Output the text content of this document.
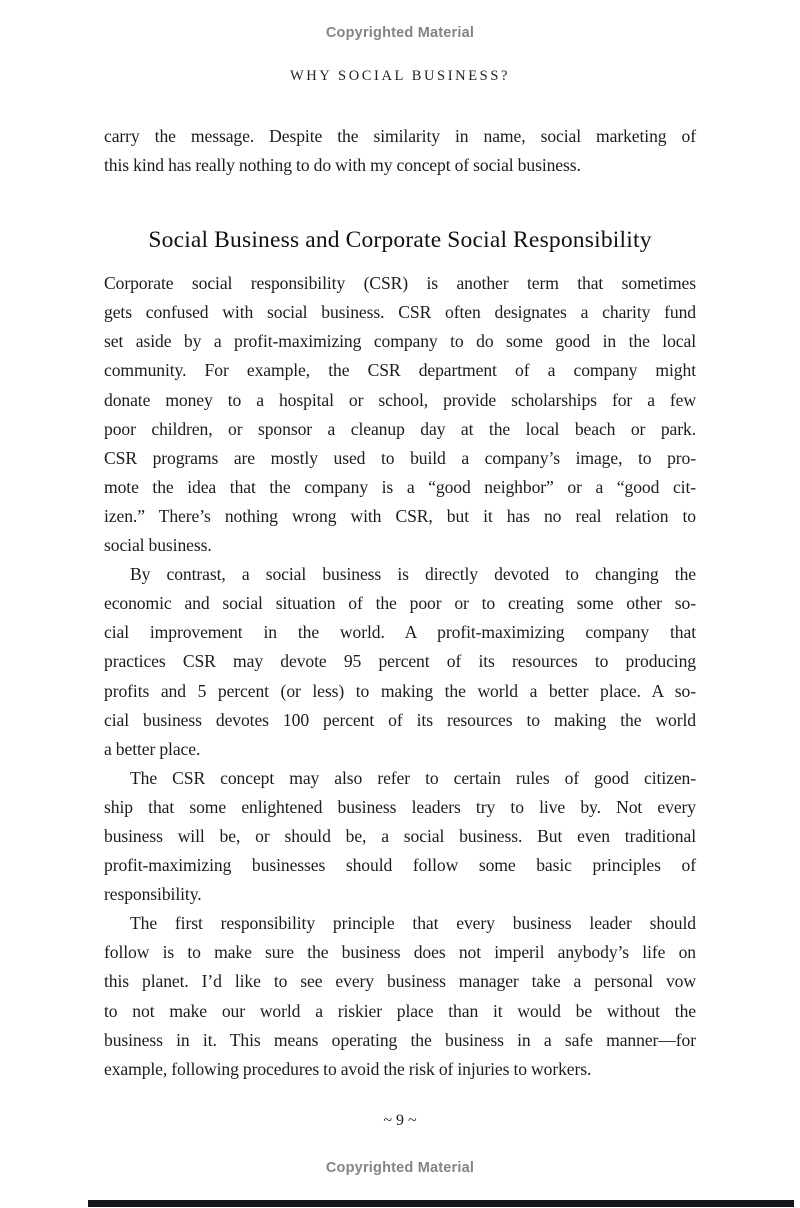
Copyrighted Material
WHY SOCIAL BUSINESS?
carry the message. Despite the similarity in name, social marketing of
this kind has really nothing to do with my concept of social business.
Social Business and Corporate Social Responsibility
Corporate social responsibility (CSR) is another term that sometimes
gets confused with social business. CSR often designates a charity fund
set aside by a profit-maximizing company to do some good in the local
community. For example, the CSR department of a company might
donate money to a hospital or school, provide scholarships for a few
poor children, or sponsor a cleanup day at the local beach or park.
CSR programs are mostly used to build a company’s image, to pro-
mote the idea that the company is a “good neighbor” or a “good cit-
izen.” There’s nothing wrong with CSR, but it has no real relation to
social business.
By contrast, a social business is directly devoted to changing the
economic and social situation of the poor or to creating some other so-
cial improvement in the world. A profit-maximizing company that
practices CSR may devote 95 percent of its resources to producing
profits and 5 percent (or less) to making the world a better place. A so-
cial business devotes 100 percent of its resources to making the world
a better place.
The CSR concept may also refer to certain rules of good citizen-
ship that some enlightened business leaders try to live by. Not every
business will be, or should be, a social business. But even traditional
profit-maximizing businesses should follow some basic principles of
responsibility.
The first responsibility principle that every business leader should
follow is to make sure the business does not imperil anybody’s life on
this planet. I’d like to see every business manager take a personal vow
to not make our world a riskier place than it would be without the
business in it. This means operating the business in a safe manner—for
example, following procedures to avoid the risk of injuries to workers.
~ 9 ~
Copyrighted Material
